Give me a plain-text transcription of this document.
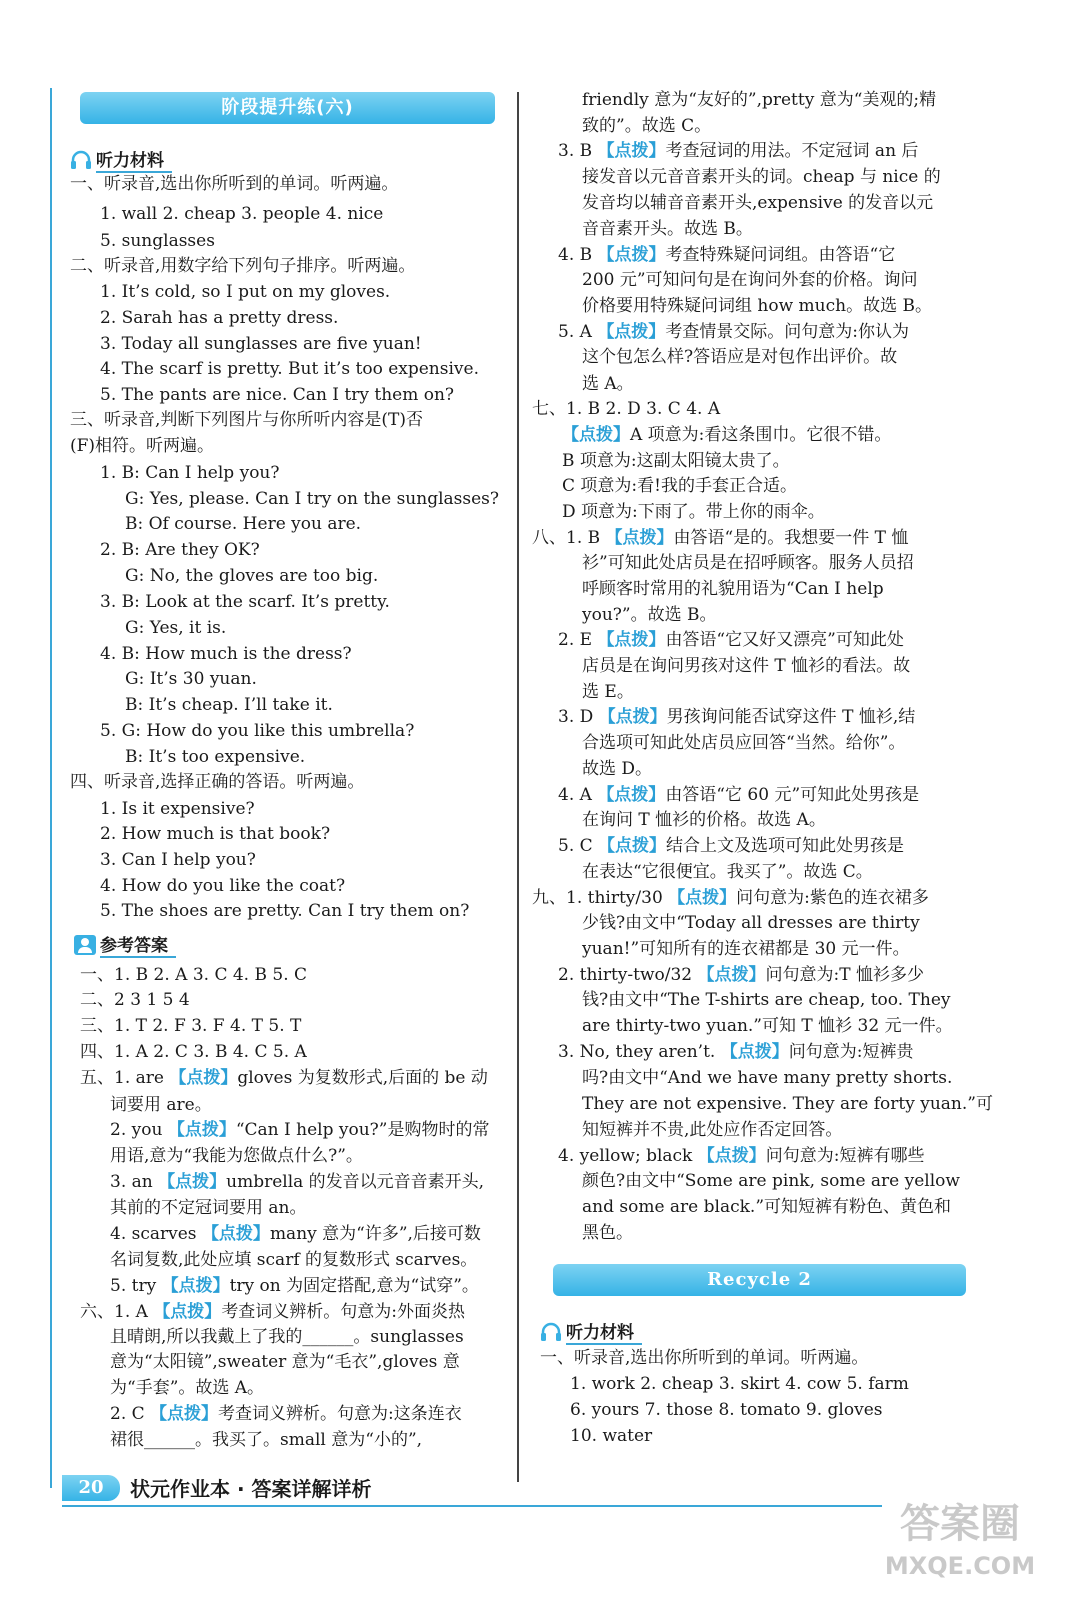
阶段提升练(六)
听力材料
一、听录音,选出你所听到的单词。听两遍。
1. wall 2. cheap 3. people 4. nice
5. sunglasses
二、听录音,用数字给下列句子排序。听两遍。
1. It’s cold, so I put on my gloves.
2. Sarah has a pretty dress.
3. Today all sunglasses are five yuan!
4. The scarf is pretty. But it’s too expensive.
5. The pants are nice. Can I try them on?
三、听录音,判断下列图片与你所听内容是(T)否
(F)相符。听两遍。
1. B: Can I help you?
G: Yes, please. Can I try on the sunglasses?
B: Of course. Here you are.
2. B: Are they OK?
G: No, the gloves are too big.
3. B: Look at the scarf. It’s pretty.
G: Yes, it is.
4. B: How much is the dress?
G: It’s 30 yuan.
B: It’s cheap. I’ll take it.
5. G: How do you like this umbrella?
B: It’s too expensive.
四、听录音,选择正确的答语。听两遍。
1. Is it expensive?
2. How much is that book?
3. Can I help you?
4. How do you like the coat?
5. The shoes are pretty. Can I try them on?
参考答案
一、1. B 2. A 3. C 4. B 5. C
二、2 3 1 5 4
三、1. T 2. F 3. F 4. T 5. T
四、1. A 2. C 3. B 4. C 5. A
五、1. are 【点拨】gloves 为复数形式,后面的 be 动
词要用 are。
2. you 【点拨】“Can I help you?”是购物时的常
用语,意为“我能为您做点什么?”。
3. an 【点拨】umbrella 的发音以元音音素开头,
其前的不定冠词要用 an。
4. scarves 【点拨】many 意为“许多”,后接可数
名词复数,此处应填 scarf 的复数形式 scarves。
5. try 【点拨】try on 为固定搭配,意为“试穿”。
六、1. A 【点拨】考查词义辨析。句意为:外面炎热
且晴朗,所以我戴上了我的______。sunglasses
意为“太阳镜”,sweater 意为“毛衣”,gloves 意
为“手套”。故选 A。
2. C 【点拨】考查词义辨析。句意为:这条连衣
裙很______。我买了。small 意为“小的”,
friendly 意为“友好的”,pretty 意为“美观的;精
致的”。故选 C。
3. B 【点拨】考查冠词的用法。不定冠词 an 后
接发音以元音音素开头的词。cheap 与 nice 的
发音均以辅音音素开头,expensive 的发音以元
音音素开头。故选 B。
4. B 【点拨】考查特殊疑问词组。由答语“它
200 元”可知问句是在询问外套的价格。询问
价格要用特殊疑问词组 how much。故选 B。
5. A 【点拨】考查情景交际。问句意为:你认为
这个包怎么样?答语应是对包作出评价。故
选 A。
七、1. B 2. D 3. C 4. A
【点拨】A 项意为:看这条围巾。它很不错。
B 项意为:这副太阳镜太贵了。
C 项意为:看!我的手套正合适。
D 项意为:下雨了。带上你的雨伞。
八、1. B 【点拨】由答语“是的。我想要一件 T 恤
衫”可知此处店员是在招呼顾客。服务人员招
呼顾客时常用的礼貌用语为“Can I help
you?”。故选 B。
2. E 【点拨】由答语“它又好又漂亮”可知此处
店员是在询问男孩对这件 T 恤衫的看法。故
选 E。
3. D 【点拨】男孩询问能否试穿这件 T 恤衫,结
合选项可知此处店员应回答“当然。给你”。
故选 D。
4. A 【点拨】由答语“它 60 元”可知此处男孩是
在询问 T 恤衫的价格。故选 A。
5. C 【点拨】结合上文及选项可知此处男孩是
在表达“它很便宜。我买了”。故选 C。
九、1. thirty/30 【点拨】问句意为:紫色的连衣裙多
少钱?由文中“Today all dresses are thirty
yuan!”可知所有的连衣裙都是 30 元一件。
2. thirty-two/32 【点拨】问句意为:T 恤衫多少
钱?由文中“The T-shirts are cheap, too. They
are thirty-two yuan.”可知 T 恤衫 32 元一件。
3. No, they aren’t. 【点拨】问句意为:短裤贵
吗?由文中“And we have many pretty shorts.
They are not expensive. They are forty yuan.”可
知短裤并不贵,此处应作否定回答。
4. yellow; black 【点拨】问句意为:短裤有哪些
颜色?由文中“Some are pink, some are yellow
and some are black.”可知短裤有粉色、黄色和
黑色。
Recycle 2
听力材料
一、听录音,选出你所听到的单词。听两遍。
1. work 2. cheap 3. skirt 4. cow 5. farm
6. yours 7. those 8. tomato 9. gloves
10. water
20	状元作业本 · 答案详解详析
答案圈
MXQE.COM
